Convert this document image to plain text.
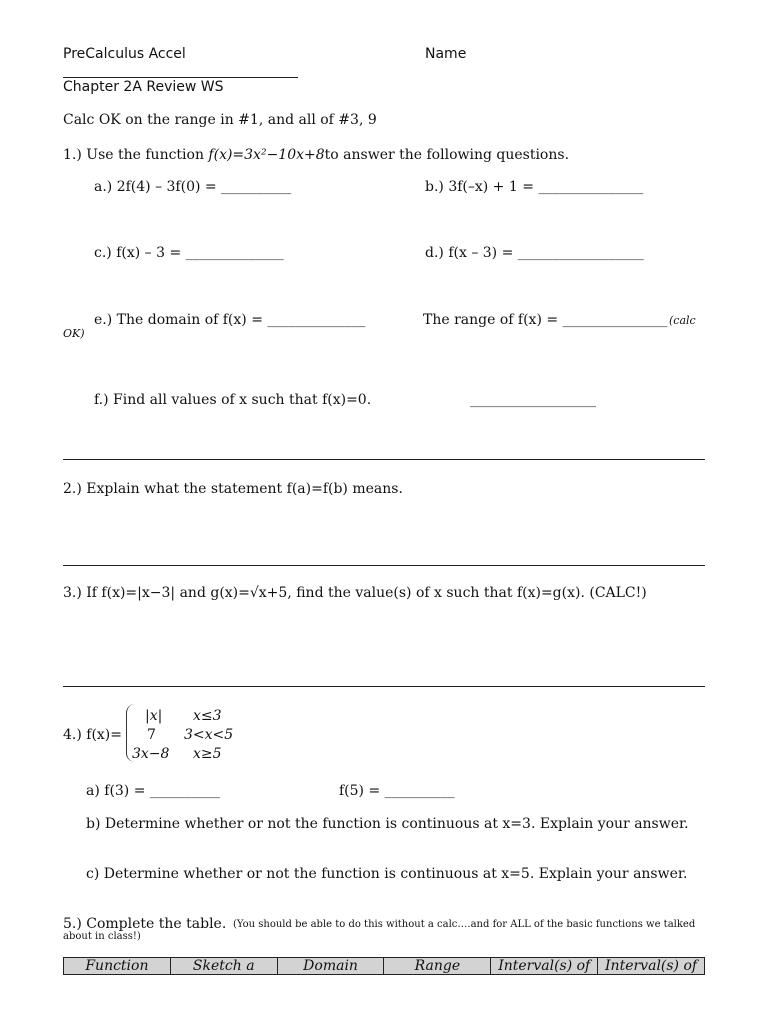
PreCalculus Accel	Name
Chapter 2A Review WS
Calc OK on the range in #1, and all of #3, 9
1.) Use the function f(x)=3x²−10x+8to answer the following questions.
a.) 2f(4) – 3f(0) = __________	b.) 3f(–x) + 1 = _______________
c.) f(x) – 3 = ______________	d.) f(x – 3) = __________________
e.) The domain of f(x) = ______________	The range of f(x) = _______________ (calc
OK)
f.) Find all values of x such that f(x)=0.	__________________
2.) Explain what the statement f(a)=f(b) means.
3.) If f(x)=|x−3| and g(x)=√x+5, find the value(s) of x such that f(x)=g(x). (CALC!)
4.) f(x)=
|x| x≤3
7 3<x<5
3x−8 x≥5
a) f(3) = __________	f(5) = __________
b) Determine whether or not the function is continuous at x=3. Explain your answer.
c) Determine whether or not the function is continuous at x=5. Explain your answer.
5.) Complete the table. (You should be able to do this without a calc….and for ALL of the basic functions we talked
about in class!)
Function	Sketch a	Domain	Range	Interval(s) of	Interval(s) of
